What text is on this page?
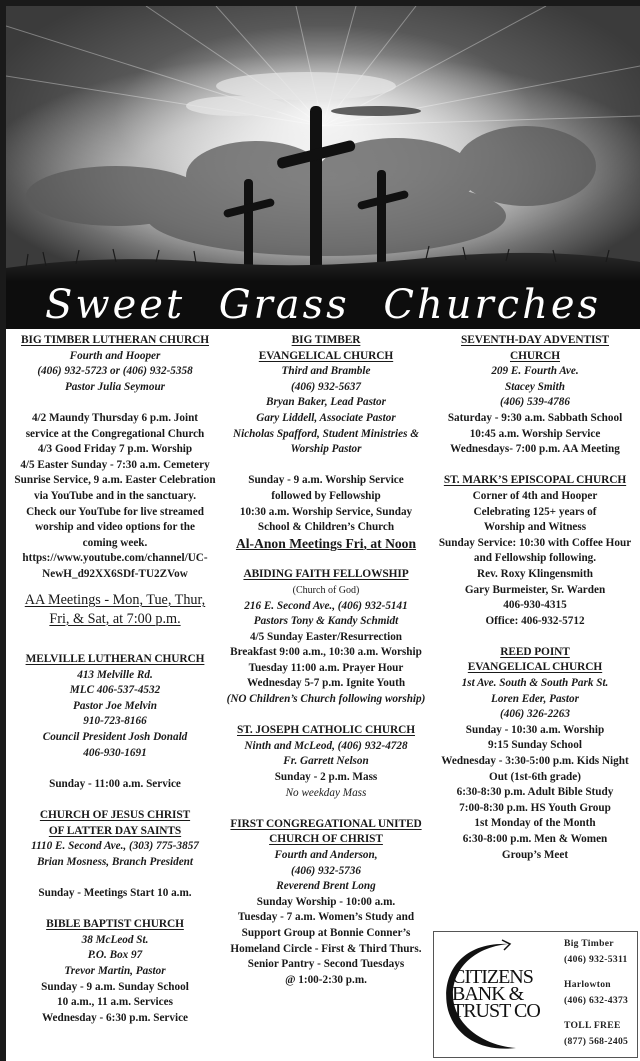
Sweet Grass Churches
BIG TIMBER LUTHERAN CHURCH
Fourth and Hooper
(406) 932-5723 or (406) 932-5358
Pastor Julia Seymour
4/2 Maundy Thursday 6 p.m. Joint
service at the Congregational Church
4/3 Good Friday 7 p.m. Worship
4/5 Easter Sunday - 7:30 a.m. Cemetery
Sunrise Service, 9 a.m. Easter Celebration
via YouTube and in the sanctuary.
Check our YouTube for live streamed
worship and video options for the
coming week.
https://www.youtube.com/channel/UC-
NewH_d92XX6SDf-TU2ZVow
AA Meetings - Mon, Tue, Thur,
Fri, & Sat, at 7:00 p.m.
MELVILLE LUTHERAN CHURCH
413 Melville Rd.
MLC 406-537-4532
Pastor Joe Melvin
910-723-8166
Council President Josh Donald
406-930-1691
Sunday - 11:00 a.m. Service
CHURCH OF JESUS CHRIST
OF LATTER DAY SAINTS
1110 E. Second Ave., (303) 775-3857
Brian Mosness, Branch President
Sunday - Meetings Start 10 a.m.
BIBLE BAPTIST CHURCH
38 McLeod St.
P.O. Box 97
Trevor Martin, Pastor
Sunday - 9 a.m. Sunday School
10 a.m., 11 a.m. Services
Wednesday - 6:30 p.m. Service
BIG TIMBER
EVANGELICAL CHURCH
Third and Bramble
(406) 932-5637
Bryan Baker, Lead Pastor
Gary Liddell, Associate Pastor
Nicholas Spafford, Student Ministries &
Worship Pastor
Sunday - 9 a.m. Worship Service
followed by Fellowship
10:30 a.m. Worship Service, Sunday
School & Children’s Church
Al-Anon Meetings Fri, at Noon
ABIDING FAITH FELLOWSHIP
(Church of God)
216 E. Second Ave., (406) 932-5141
Pastors Tony & Kandy Schmidt
4/5 Sunday Easter/Resurrection
Breakfast 9:00 a.m., 10:30 a.m. Worship
Tuesday 11:00 a.m. Prayer Hour
Wednesday 5-7 p.m. Ignite Youth
(NO Children’s Church following worship)
ST. JOSEPH CATHOLIC CHURCH
Ninth and McLeod, (406) 932-4728
Fr. Garrett Nelson
Sunday - 2 p.m. Mass
No weekday Mass
FIRST CONGREGATIONAL UNITED
CHURCH OF CHRIST
Fourth and Anderson,
(406) 932-5736
Reverend Brent Long
Sunday Worship - 10:00 a.m.
Tuesday - 7 a.m. Women’s Study and
Support Group at Bonnie Conner’s
Homeland Circle - First & Third Thurs.
Senior Pantry - Second Tuesdays
@ 1:00-2:30 p.m.
SEVENTH-DAY ADVENTIST
CHURCH
209 E. Fourth Ave.
Stacey Smith
(406) 539-4786
Saturday - 9:30 a.m. Sabbath School
10:45 a.m. Worship Service
Wednesdays- 7:00 p.m. AA Meeting
ST. MARK’S EPISCOPAL CHURCH
Corner of 4th and Hooper
Celebrating 125+ years of
Worship and Witness
Sunday Service: 10:30 with Coffee Hour
and Fellowship following.
Rev. Roxy Klingensmith
Gary Burmeister, Sr. Warden
406-930-4315
Office: 406-932-5712
REED POINT
EVANGELICAL CHURCH
1st Ave. South & South Park St.
Loren Eder, Pastor
(406) 326-2263
Sunday - 10:30 a.m. Worship
9:15 Sunday School
Wednesday - 3:30-5:00 p.m. Kids Night
Out (1st-6th grade)
6:30-8:30 p.m. Adult Bible Study
7:00-8:30 p.m. HS Youth Group
1st Monday of the Month
6:30-8:00 p.m. Men & Women
Group’s Meet
CITIZENS
BANK &
TRUST CO
Big Timber
(406) 932-5311
Harlowton
(406) 632-4373
TOLL FREE
(877) 568-2405
